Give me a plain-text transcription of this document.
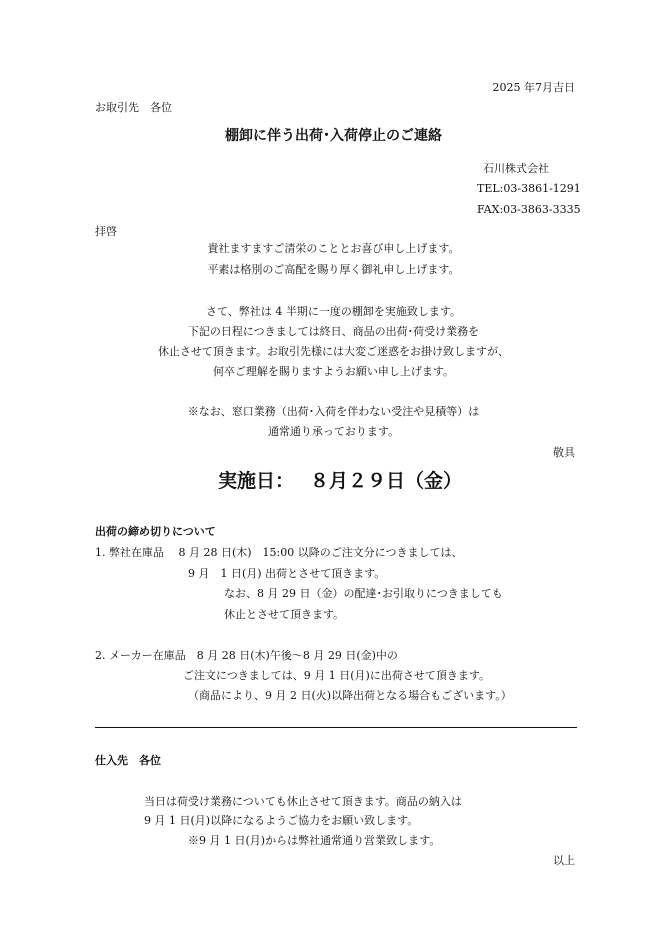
2025 年7月吉日
お取引先　各位
棚卸に伴う出荷･入荷停止のご連絡
石川株式会社
TEL:03-3861-1291
FAX:03-3863-3335
拝啓
貴社ますますご清栄のこととお喜び申し上げます。
平素は格別のご高配を賜り厚く御礼申し上げます。
さて、弊社は 4 半期に一度の棚卸を実施致します。
下記の日程につきましては終日、商品の出荷･荷受け業務を
休止させて頂きます。お取引先様には大変ご迷惑をお掛け致しますが、
何卒ご理解を賜りますようお願い申し上げます。
※なお、窓口業務（出荷･入荷を伴わない受注や見積等）は
通常通り承っております。
敬具
実施日： ８月２９日（金）
出荷の締め切りについて
1. 弊社在庫品　 8 月 28 日(木)　15:00 以降のご注文分につきましては、
9 月　1 日(月) 出荷とさせて頂きます。
なお、8 月 29 日（金）の配達･お引取りにつきましても
休止とさせて頂きます。
2. メーカー在庫品　8 月 28 日(木)午後～8 月 29 日(金)中の
ご注文につきましては、9 月 1 日(月)に出荷させて頂きます。
（商品により、9 月 2 日(火)以降出荷となる場合もございます。）
仕入先　各位
当日は荷受け業務についても休止させて頂きます。商品の納入は
9 月 1 日(月)以降になるようご協力をお願い致します。
※9 月 1 日(月)からは弊社通常通り営業致します。
以上
